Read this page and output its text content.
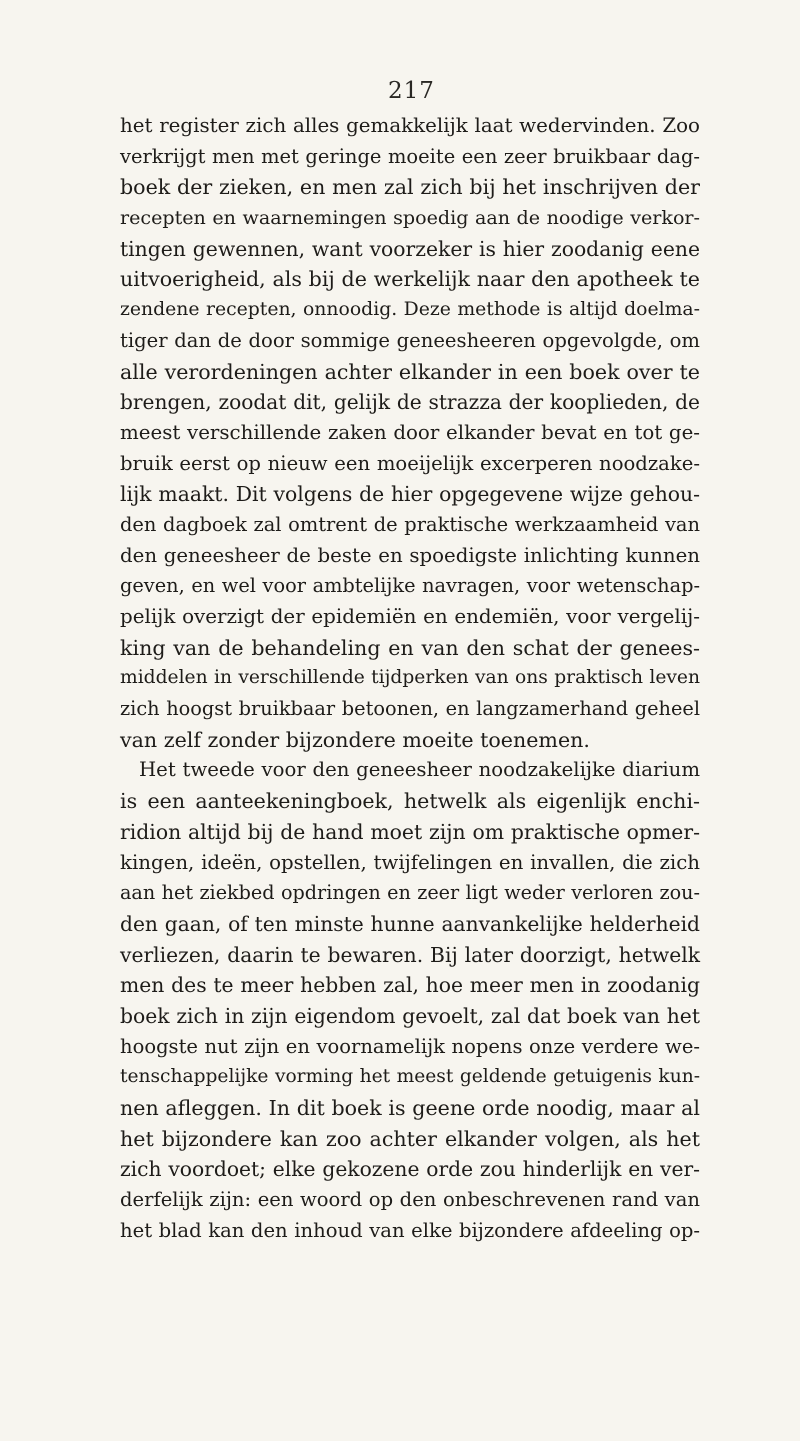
217
het register zich alles gemakkelijk laat wedervinden. Zoo
verkrijgt men met geringe moeite een zeer bruikbaar dag-
boek der zieken, en men zal zich bij het inschrijven der
recepten en waarnemingen spoedig aan de noodige verkor-
tingen gewennen, want voorzeker is hier zoodanig eene
uitvoerigheid, als bij de werkelijk naar den apotheek te
zendene recepten, onnoodig. Deze methode is altijd doelma-
tiger dan de door sommige geneesheeren opgevolgde, om
alle verordeningen achter elkander in een boek over te
brengen, zoodat dit, gelijk de strazza der kooplieden, de
meest verschillende zaken door elkander bevat en tot ge-
bruik eerst op nieuw een moeijelijk excerperen noodzake-
lijk maakt. Dit volgens de hier opgegevene wijze gehou-
den dagboek zal omtrent de praktische werkzaamheid van
den geneesheer de beste en spoedigste inlichting kunnen
geven, en wel voor ambtelijke navragen, voor wetenschap-
pelijk overzigt der epidemiën en endemiën, voor vergelij-
king van de behandeling en van den schat der genees-
middelen in verschillende tijdperken van ons praktisch leven
zich hoogst bruikbaar betoonen, en langzamerhand geheel
van zelf zonder bijzondere moeite toenemen.
Het tweede voor den geneesheer noodzakelijke diarium
is een aanteekeningboek, hetwelk als eigenlijk enchi-
ridion altijd bij de hand moet zijn om praktische opmer-
kingen, ideën, opstellen, twijfelingen en invallen, die zich
aan het ziekbed opdringen en zeer ligt weder verloren zou-
den gaan, of ten minste hunne aanvankelijke helderheid
verliezen, daarin te bewaren. Bij later doorzigt, hetwelk
men des te meer hebben zal, hoe meer men in zoodanig
boek zich in zijn eigendom gevoelt, zal dat boek van het
hoogste nut zijn en voornamelijk nopens onze verdere we-
tenschappelijke vorming het meest geldende getuigenis kun-
nen afleggen. In dit boek is geene orde noodig, maar al
het bijzondere kan zoo achter elkander volgen, als het
zich voordoet; elke gekozene orde zou hinderlijk en ver-
derfelijk zijn: een woord op den onbeschrevenen rand van
het blad kan den inhoud van elke bijzondere afdeeling op-
